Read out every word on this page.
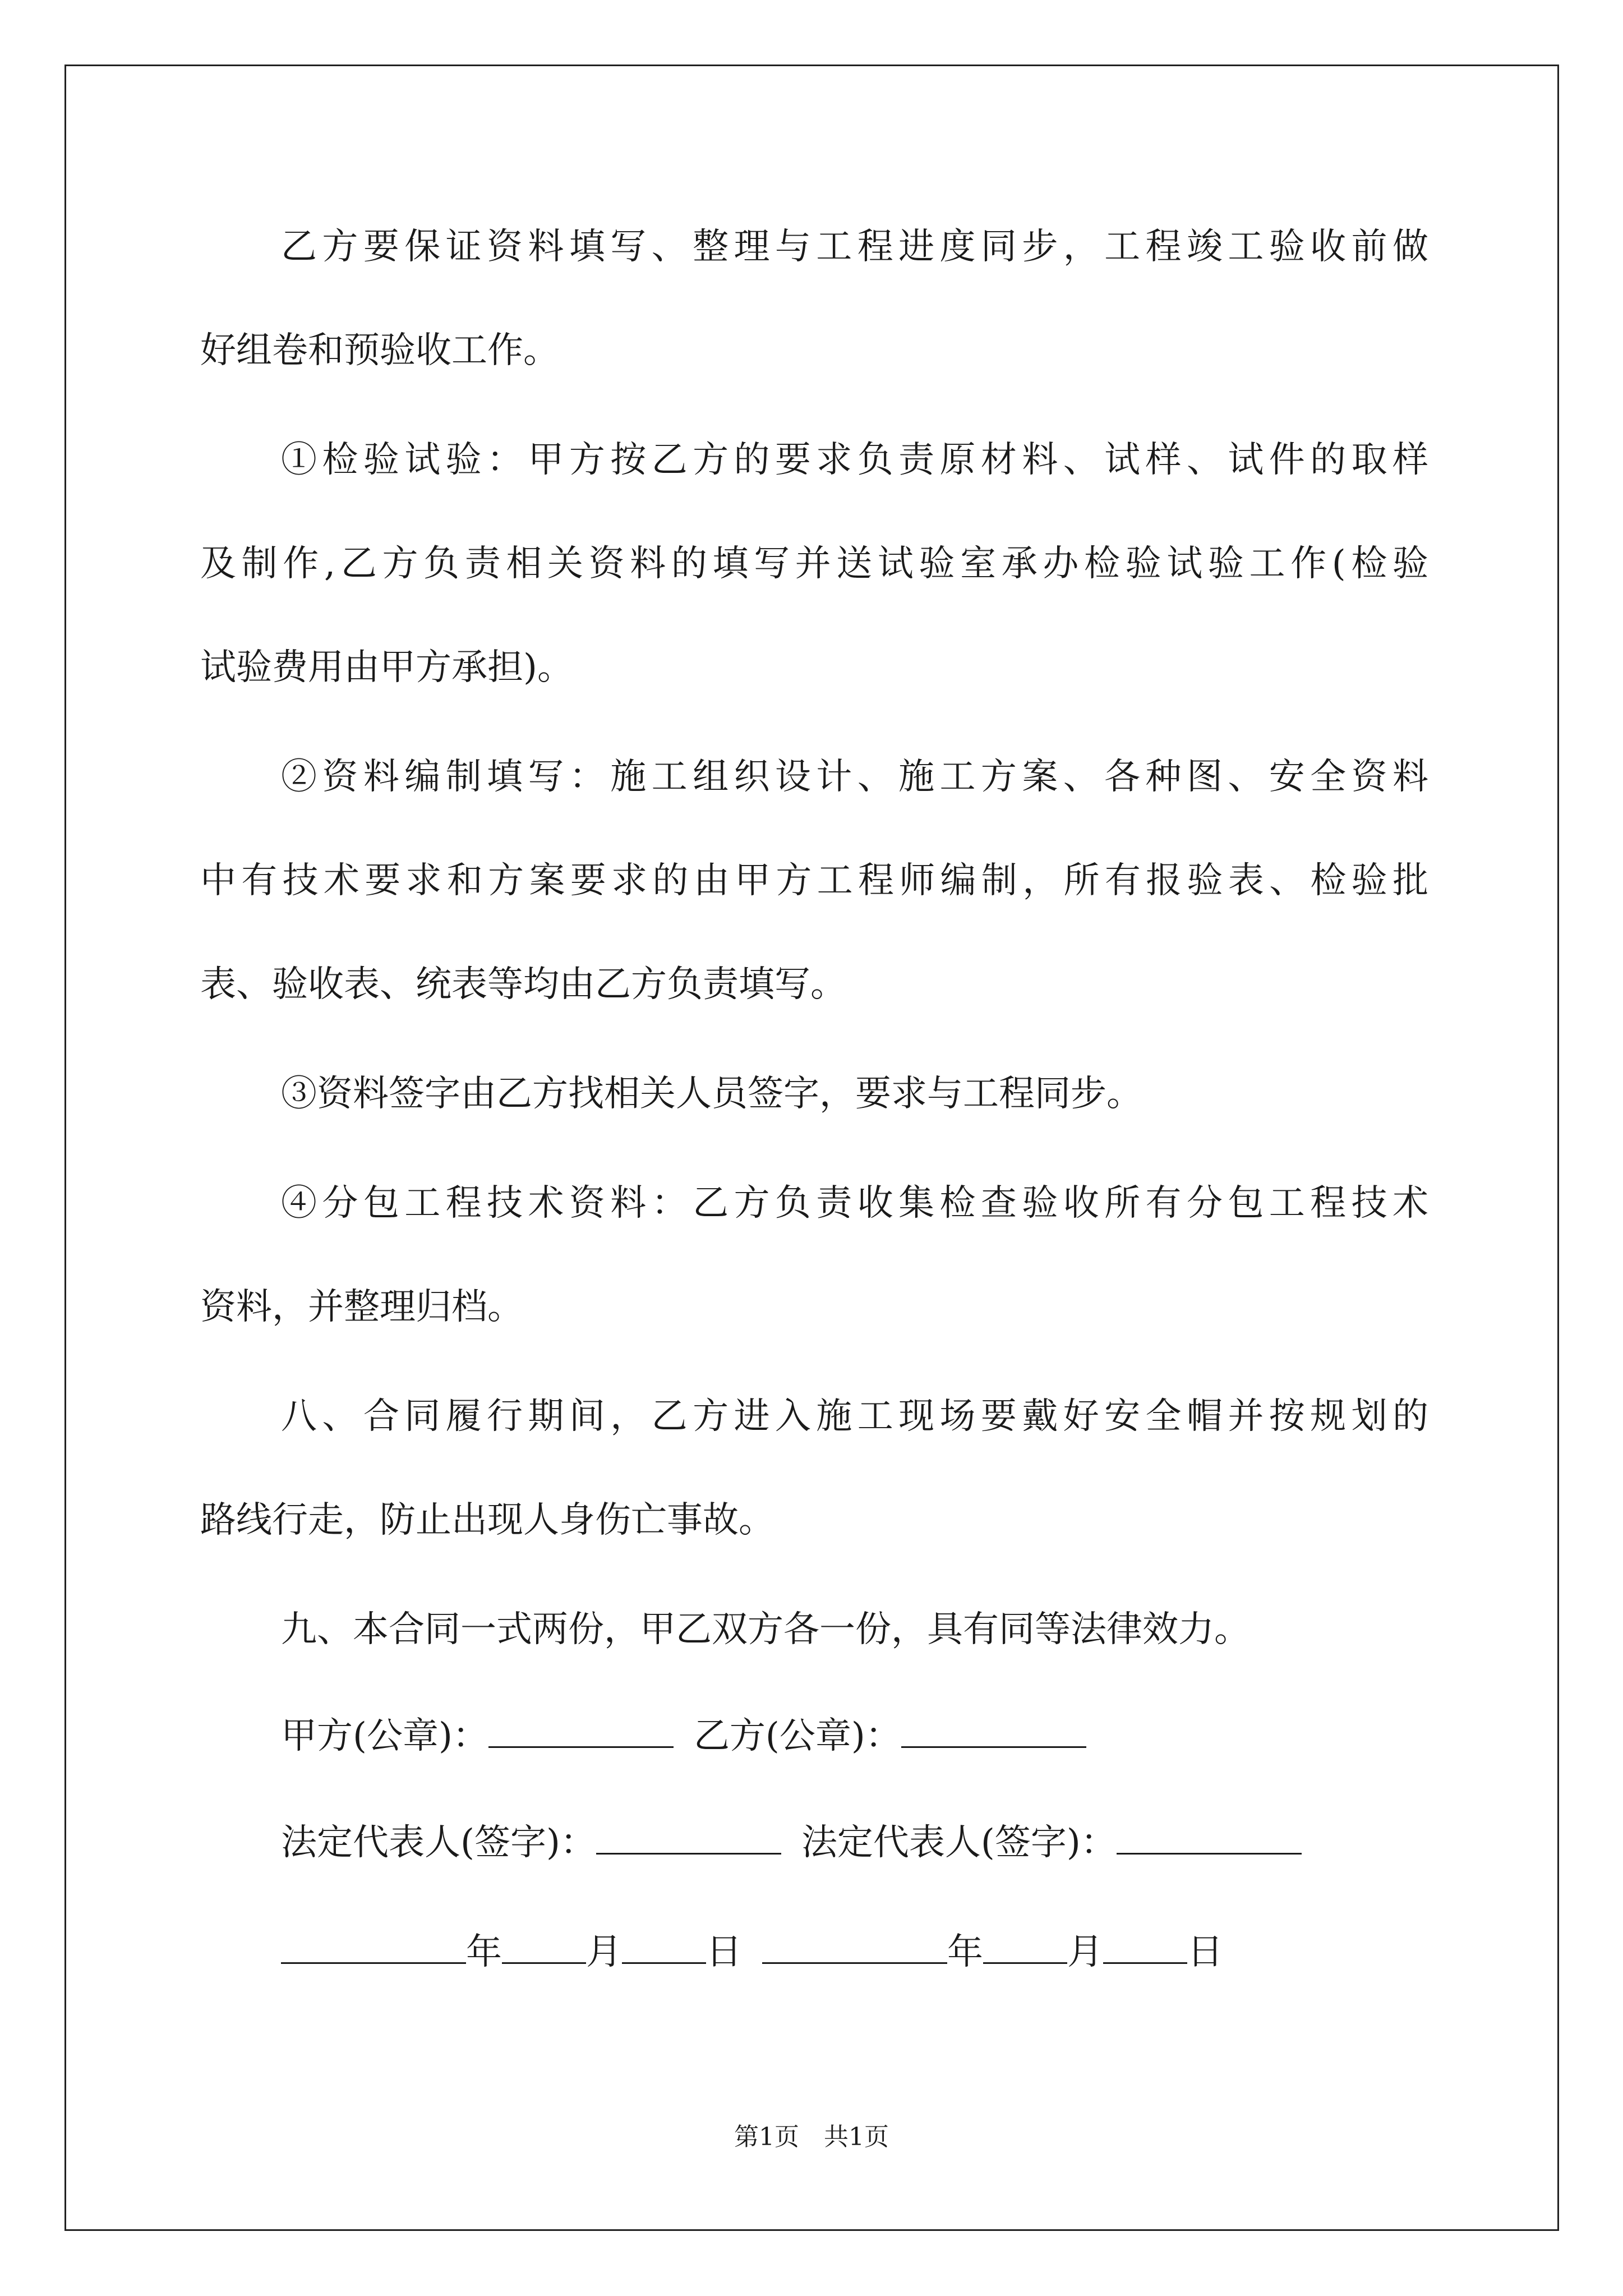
乙方要保证资料填写、整理与工程进度同步，工程竣工验收前做
好组卷和预验收工作。
①检验试验：甲方按乙方的要求负责原材料、试样、试件的取样
及制作,乙方负责相关资料的填写并送试验室承办检验试验工作(检验
试验费用由甲方承担)。
②资料编制填写：施工组织设计、施工方案、各种图、安全资料
中有技术要求和方案要求的由甲方工程师编制，所有报验表、检验批
表、验收表、统表等均由乙方负责填写。
③资料签字由乙方找相关人员签字，要求与工程同步。
④分包工程技术资料：乙方负责收集检查验收所有分包工程技术
资料，并整理归档。
八、合同履行期间，乙方进入施工现场要戴好安全帽并按规划的
路线行走，防止出现人身伤亡事故。
九、本合同一式两份，甲乙双方各一份，具有同等法律效力。
甲方(公章)：	乙方(公章)：
法定代表人(签字)：	法定代表人(签字)：
年 月 日	年 月 日
第1页　共1页
